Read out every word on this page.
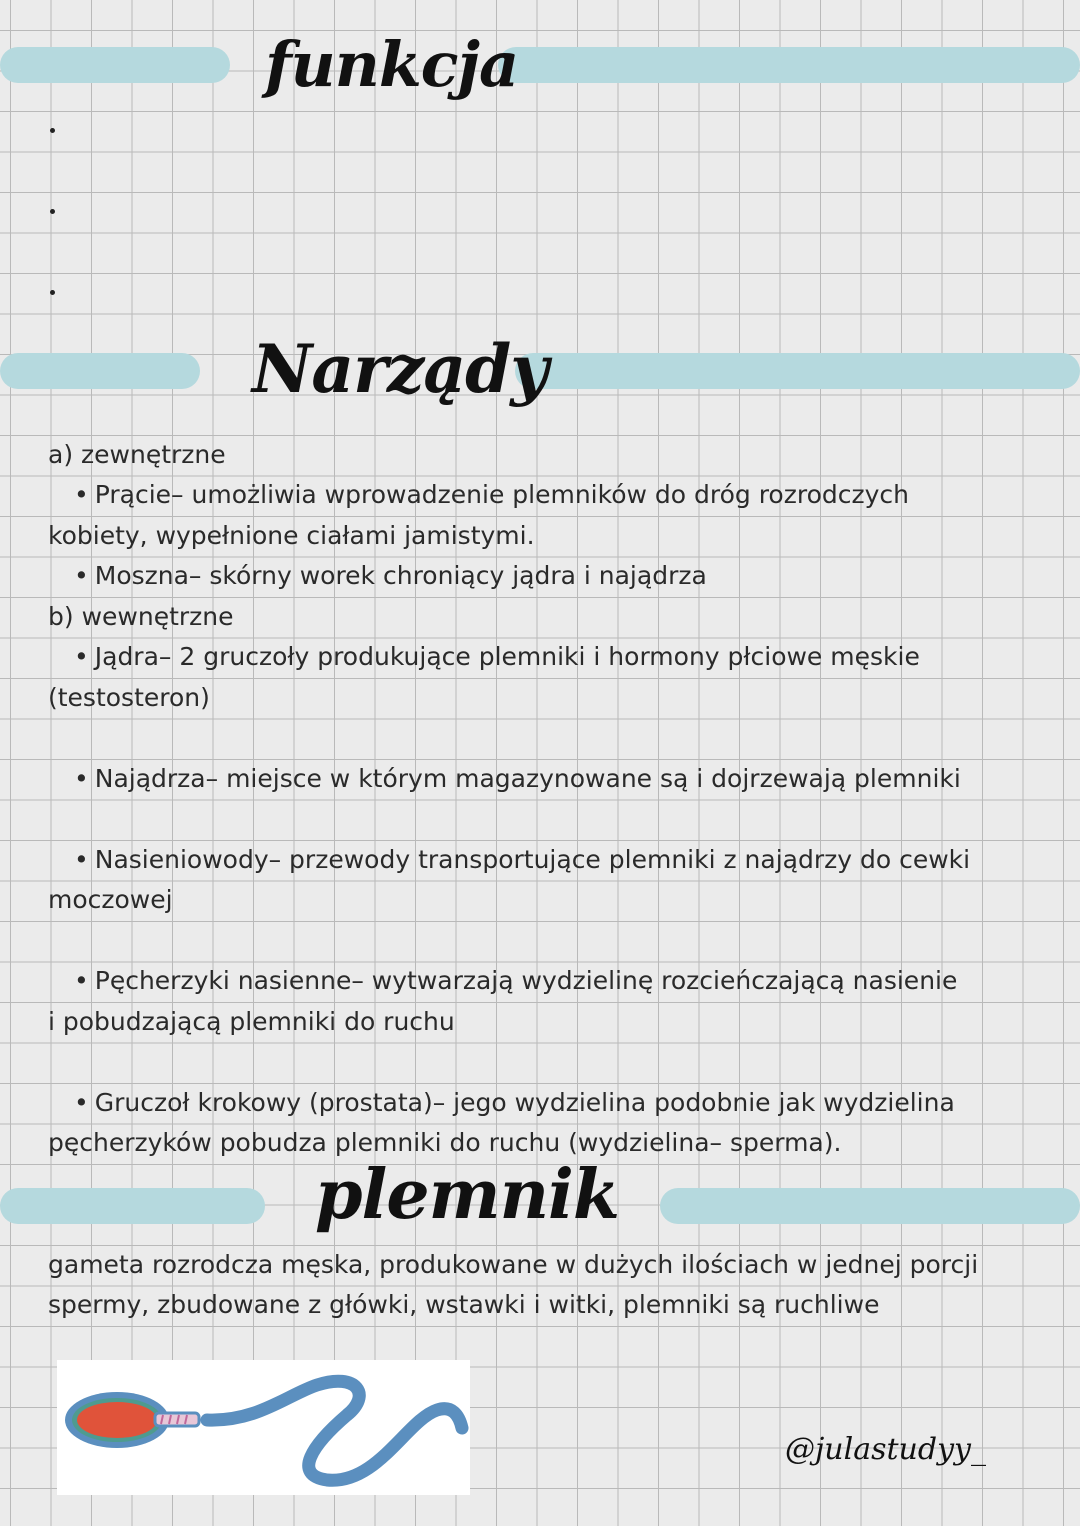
funkcja
Narządy
a) zewnętrzne
• Prącie– umożliwia wprowadzenie plemników do dróg rozrodczych
kobiety, wypełnione ciałami jamistymi.
• Moszna– skórny worek chroniący jądra i najądrza
b) wewnętrzne
• Jądra– 2 gruczoły produkujące plemniki i hormony płciowe męskie
(testosteron)
• Najądrza– miejsce w którym magazynowane są i dojrzewają plemniki
• Nasieniowody– przewody transportujące plemniki z najądrzy do cewki
moczowej
• Pęcherzyki nasienne– wytwarzają wydzielinę rozcieńczającą nasienie
i pobudzającą plemniki do ruchu
• Gruczoł krokowy (prostata)– jego wydzielina podobnie jak wydzielina
pęcherzyków pobudza plemniki do ruchu (wydzielina– sperma).
plemnik
gameta rozrodcza męska, produkowane w dużych ilościach w jednej porcji
spermy, zbudowane z główki, wstawki i witki, plemniki są ruchliwe
@julastudyy_
